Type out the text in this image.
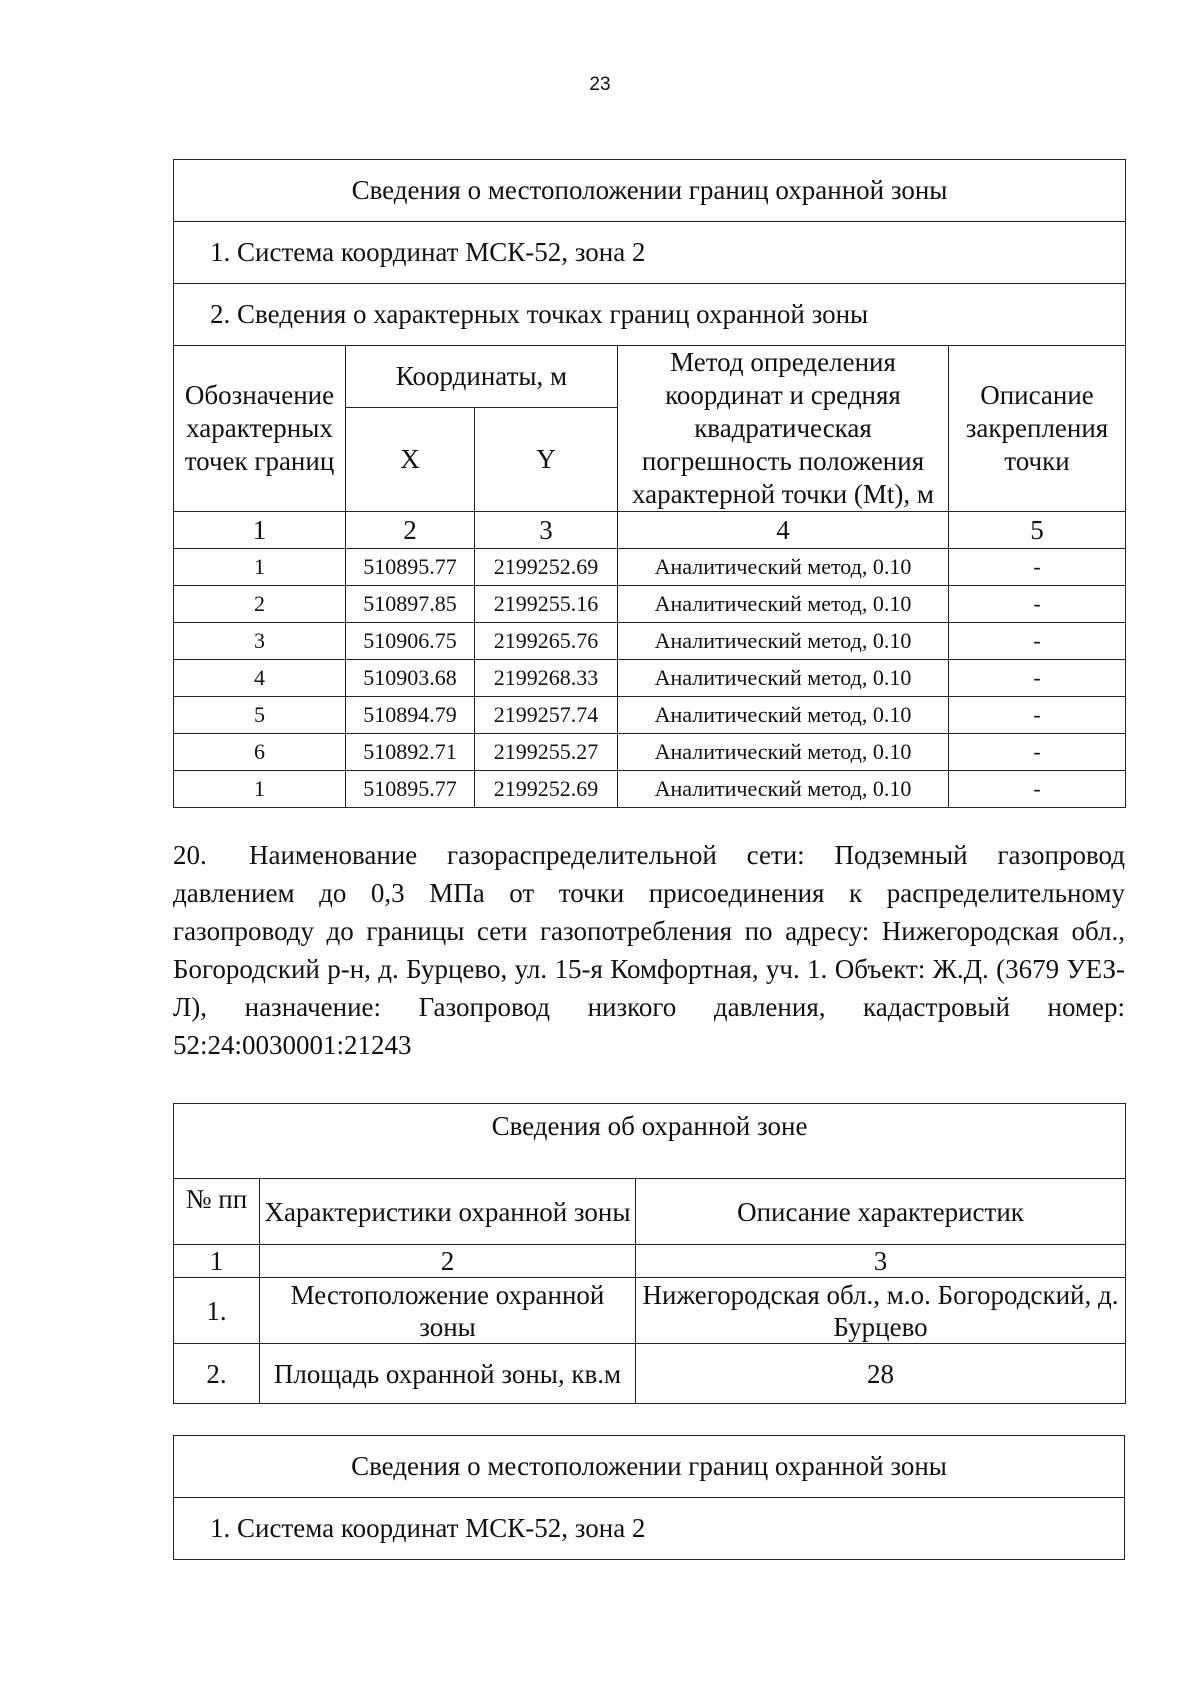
23
Сведения о местоположении границ охранной зоны				
1. Система координат МСК-52, зона 2				
2. Сведения о характерных точках границ охранной зоны				
Обозначение характерных точек границ	Координаты, м		Метод определения координат и средняя квадратическая погрешность положения характерной точки (Mt), м	Описание закрепления точки
	X	Y		
1	2	3	4	5
1	510895.77	2199252.69	Аналитический метод, 0.10	-
2	510897.85	2199255.16	Аналитический метод, 0.10	-
3	510906.75	2199265.76	Аналитический метод, 0.10	-
4	510903.68	2199268.33	Аналитический метод, 0.10	-
5	510894.79	2199257.74	Аналитический метод, 0.10	-
6	510892.71	2199255.27	Аналитический метод, 0.10	-
1	510895.77	2199252.69	Аналитический метод, 0.10	-
20. Наименование газораспределительной сети: Подземный газопровод давлением до 0,3 МПа от точки присоединения к распределительному газопроводу до границы сети газопотребления по адресу: Нижегородская обл., Богородский р-н, д. Бурцево, ул. 15-я Комфортная, уч. 1. Объект: Ж.Д. (3679 УЕЗ-Л), назначение: Газопровод низкого давления, кадастровый номер: 52:24:0030001:21243
Сведения об охранной зоне		
№ пп	Характеристики охранной зоны	Описание характеристик
1	2	3
1.	Местоположение охранной зоны	Нижегородская обл., м.о. Богородский, д. Бурцево
2.	Площадь охранной зоны, кв.м	28
Сведения о местоположении границ охранной зоны
1. Система координат МСК-52, зона 2
